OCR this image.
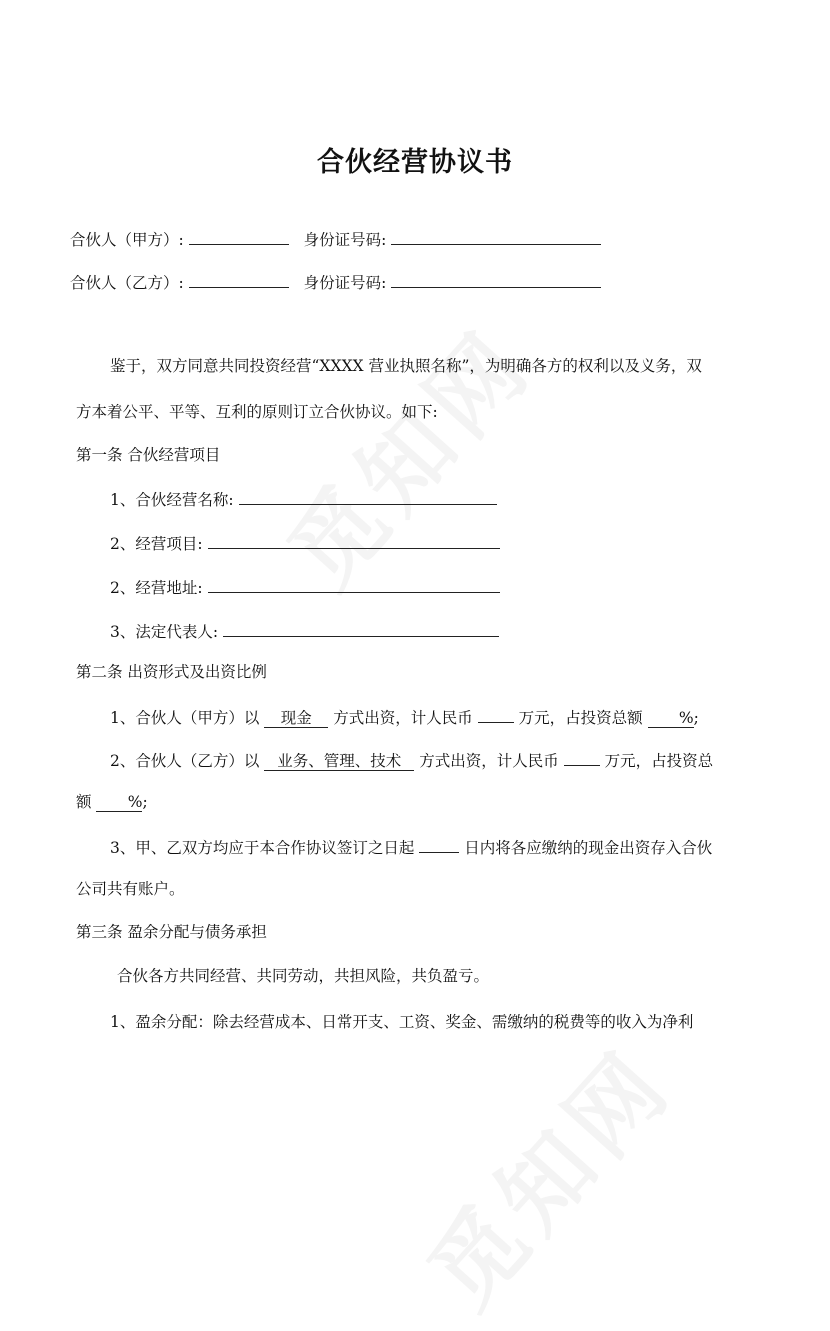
合伙经营协议书
合伙人（甲方）:	身份证号码:
合伙人（乙方）:	身份证号码:
鉴于，双方同意共同投资经营“XXXX 营业执照名称”，为明确各方的权利以及义务，双
方本着公平、平等、互利的原则订立合伙协议。如下:
第一条 合伙经营项目
1、合伙经营名称:
2、经营项目:
2、经营地址:
3、法定代表人:
第二条 出资形式及出资比例
1、合伙人（甲方）以 现金 方式出资，计人民币	万元，占投资总额 %;
2、合伙人（乙方）以 业务、管理、技术 方式出资，计人民币	万元，占投资总
额 %;
3、甲、乙双方均应于本合作协议签订之日起	日内将各应缴纳的现金出资存入合伙
公司共有账户。
第三条 盈余分配与债务承担
合伙各方共同经营、共同劳动，共担风险，共负盈亏。
1、盈余分配：除去经营成本、日常开支、工资、奖金、需缴纳的税费等的收入为净利
